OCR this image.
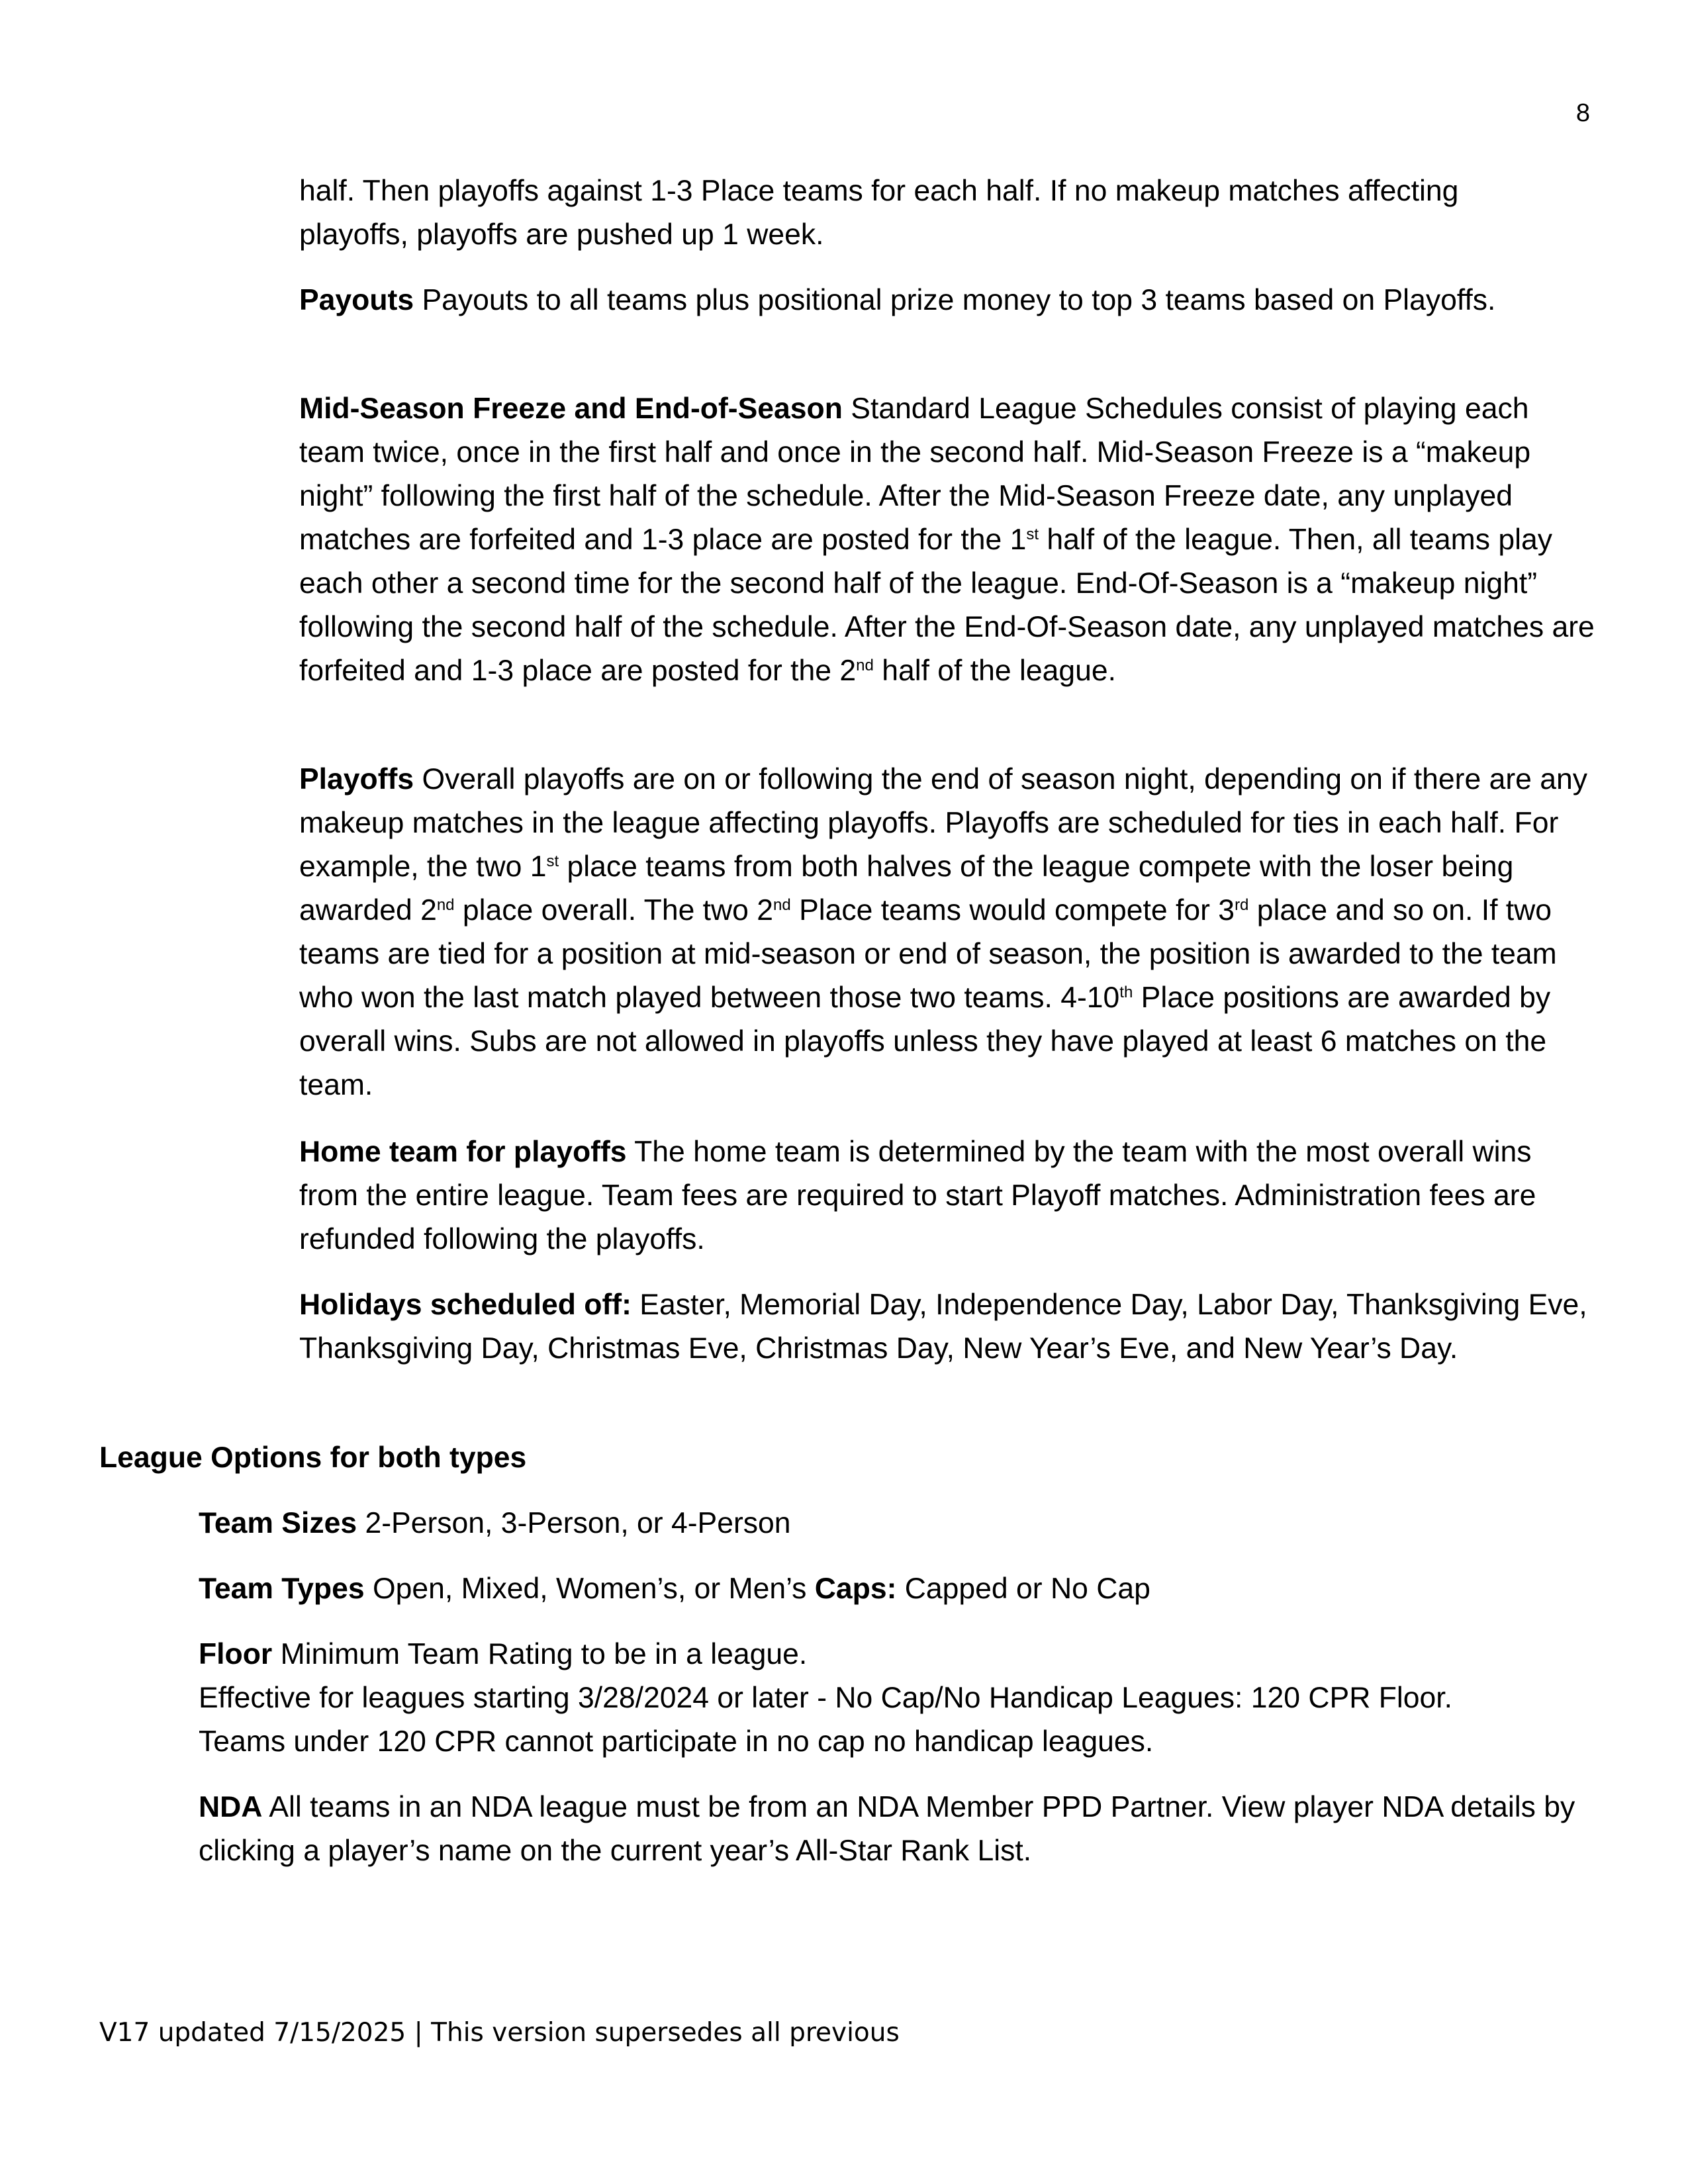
8

half. Then playoffs against 1-3 Place teams for each half. If no makeup matches affecting
playoffs, playoffs are pushed up 1 week.

Payouts Payouts to all teams plus positional prize money to top 3 teams based on Playoffs.

Mid-Season Freeze and End-of-Season Standard League Schedules consist of playing each team twice, once in the first half and once in the second half. Mid-Season Freeze is a “makeup night” following the first half of the schedule. After the Mid-Season Freeze date, any unplayed matches are forfeited and 1-3 place are posted for the 1st half of the league. Then, all teams play each other a second time for the second half of the league. End-Of-Season is a “makeup night” following the second half of the schedule. After the End-Of-Season date, any unplayed matches are forfeited and 1-3 place are posted for the 2nd half of the league.

Playoffs Overall playoffs are on or following the end of season night, depending on if there are any makeup matches in the league affecting playoffs. Playoffs are scheduled for ties in each half. For example, the two 1st place teams from both halves of the league compete with the loser being awarded 2nd place overall. The two 2nd Place teams would compete for 3rd place and so on. If two teams are tied for a position at mid-season or end of season, the position is awarded to the team who won the last match played between those two teams. 4-10th Place positions are awarded by overall wins. Subs are not allowed in playoffs unless they have played at least 6 matches on the team.

Home team for playoffs The home team is determined by the team with the most overall wins from the entire league. Team fees are required to start Playoff matches. Administration fees are refunded following the playoffs.

Holidays scheduled off: Easter, Memorial Day, Independence Day, Labor Day, Thanksgiving Eve, Thanksgiving Day, Christmas Eve, Christmas Day, New Year’s Eve, and New Year’s Day.

League Options for both types

Team Sizes 2-Person, 3-Person, or 4-Person

Team Types Open, Mixed, Women’s, or Men’s Caps: Capped or No Cap

Floor Minimum Team Rating to be in a league.
Effective for leagues starting 3/28/2024 or later - No Cap/No Handicap Leagues: 120 CPR Floor.
Teams under 120 CPR cannot participate in no cap no handicap leagues.

NDA All teams in an NDA league must be from an NDA Member PPD Partner. View player NDA details by clicking a player’s name on the current year’s All-Star Rank List.

V17 updated 7/15/2025 | This version supersedes all previous
